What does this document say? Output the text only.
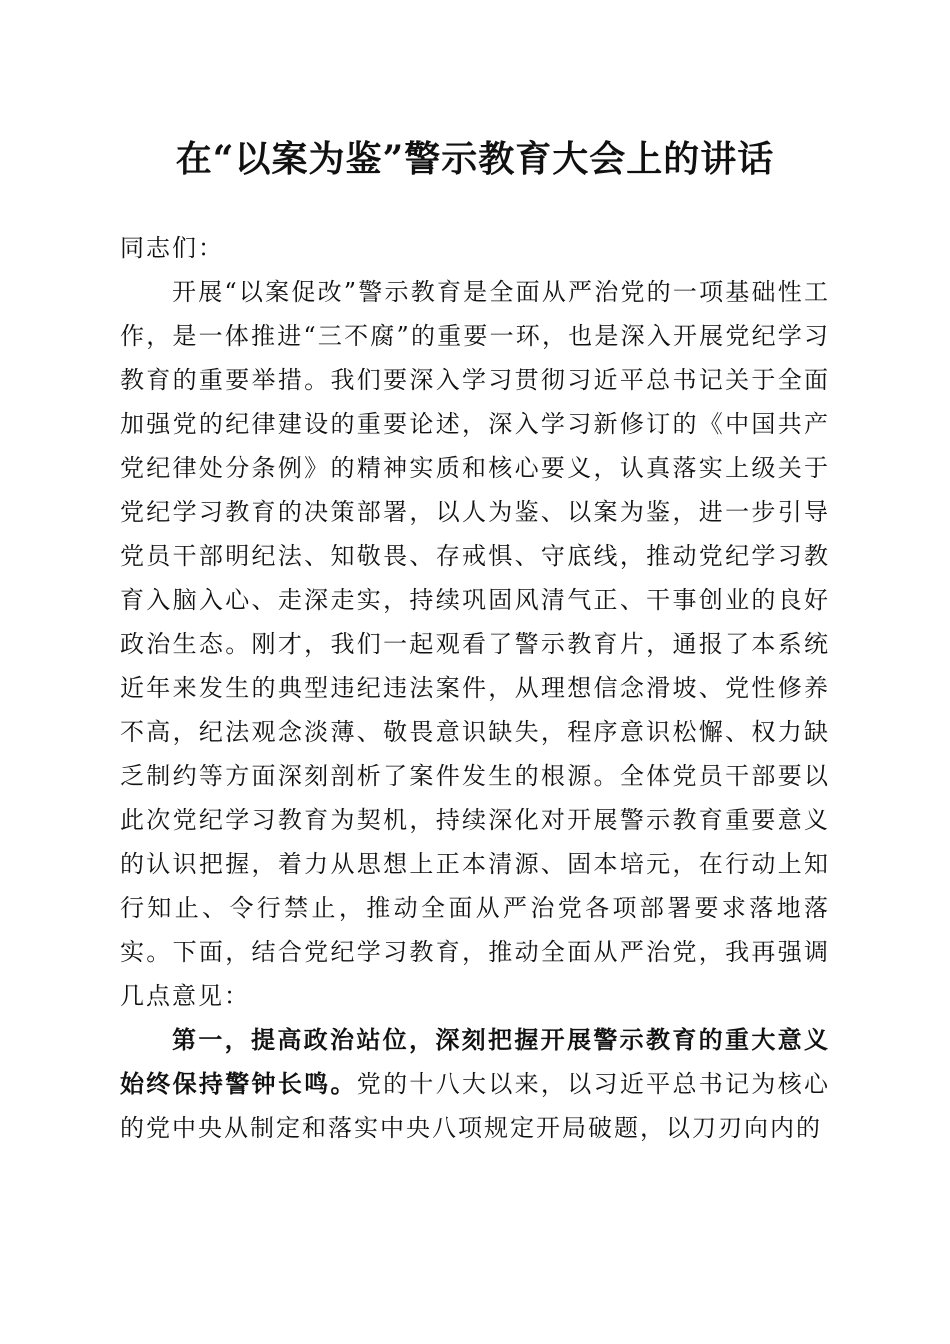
在“以案为鉴”警示教育大会上的讲话

同志们：

开展“以案促改”警示教育是全面从严治党的一项基础性工作，是一体推进“三不腐”的重要一环，也是深入开展党纪学习教育的重要举措。我们要深入学习贯彻习近平总书记关于全面加强党的纪律建设的重要论述，深入学习新修订的《中国共产党纪律处分条例》的精神实质和核心要义，认真落实上级关于党纪学习教育的决策部署，以人为鉴、以案为鉴，进一步引导党员干部明纪法、知敬畏、存戒惧、守底线，推动党纪学习教育入脑入心、走深走实，持续巩固风清气正、干事创业的良好政治生态。刚才，我们一起观看了警示教育片，通报了本系统近年来发生的典型违纪违法案件，从理想信念滑坡、党性修养不高，纪法观念淡薄、敬畏意识缺失，程序意识松懈、权力缺乏制约等方面深刻剖析了案件发生的根源。全体党员干部要以此次党纪学习教育为契机，持续深化对开展警示教育重要意义的认识把握，着力从思想上正本清源、固本培元，在行动上知行知止、令行禁止，推动全面从严治党各项部署要求落地落实。下面，结合党纪学习教育，推动全面从严治党，我再强调几点意见：

第一，提高政治站位，深刻把握开展警示教育的重大意义始终保持警钟长鸣。党的十八大以来，以习近平总书记为核心的党中央从制定和落实中央八项规定开局破题，以刀刃向内的
